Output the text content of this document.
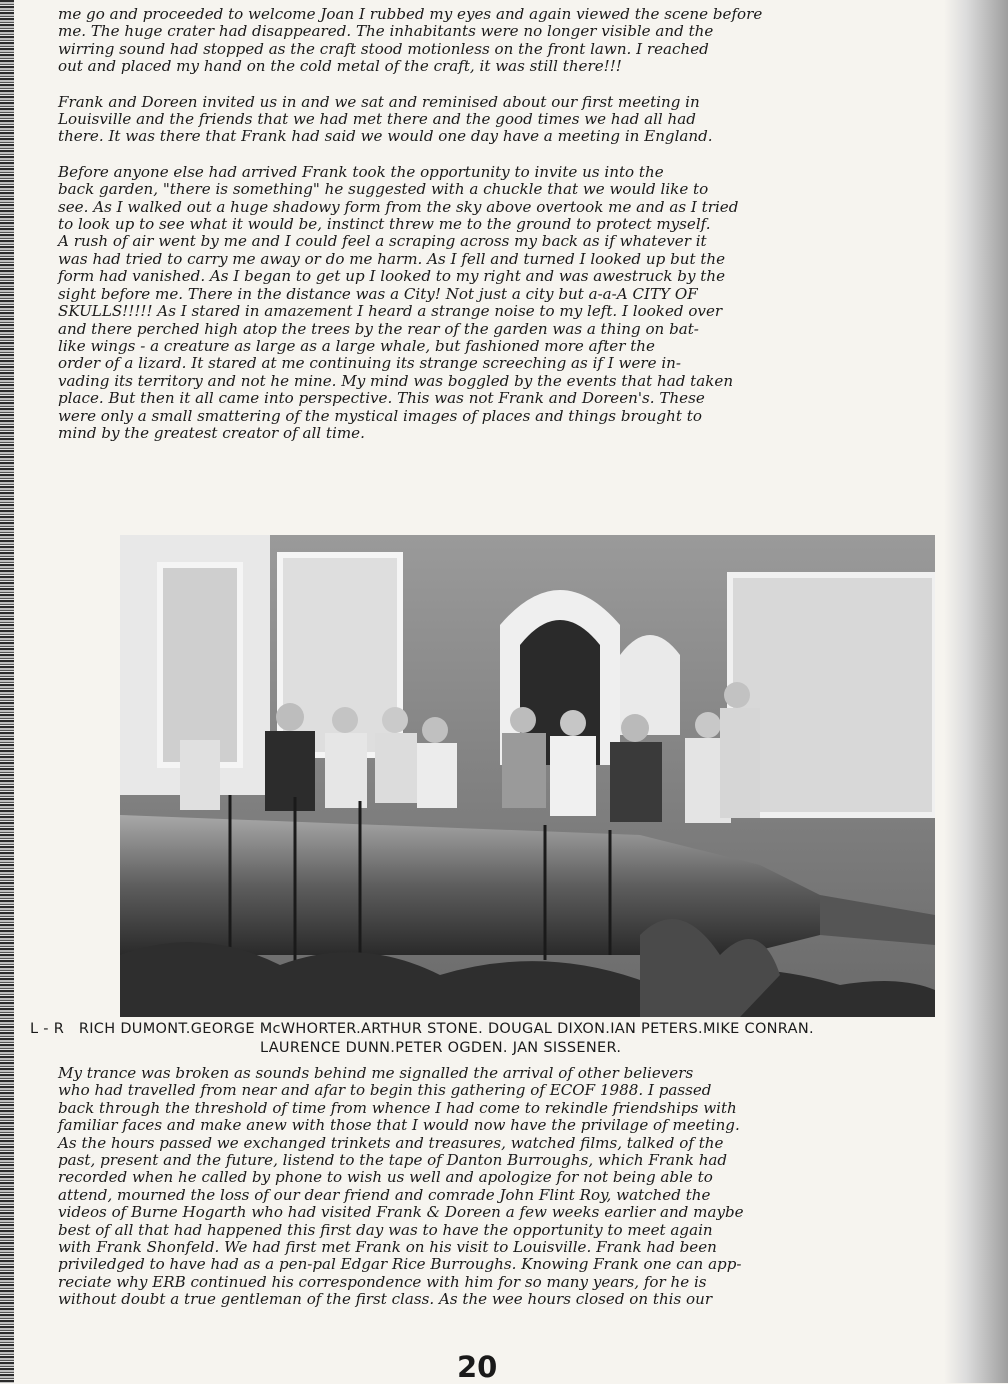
me go and proceeded to welcome Joan I rubbed my eyes and again viewed the scene before
me. The huge crater had disappeared. The inhabitants were no longer visible and the
wirring sound had stopped as the craft stood motionless on the front lawn. I reached
out and placed my hand on the cold metal of the craft, it was still there!!!

Frank and Doreen invited us in and we sat and reminised about our first meeting in
Louisville and the friends that we had met there and the good times we had all had
there. It was there that Frank had said we would one day have a meeting in England.

Before anyone else had arrived Frank took the opportunity to invite us into the
back garden, "there is something" he suggested with a chuckle that we would like to
see. As I walked out a huge shadowy form from the sky above overtook me and as I tried
to look up to see what it would be, instinct threw me to the ground to protect myself.
A rush of air went by me and I could feel a scraping across my back as if whatever it
was had tried to carry me away or do me harm. As I fell and turned I looked up but the
form had vanished. As I began to get up I looked to my right and was awestruck by the
sight before me. There in the distance was a City! Not just a city but a-a-A CITY OF
SKULLS!!!!! As I stared in amazement I heard a strange noise to my left. I looked over
and there perched high atop the trees by the rear of the garden was a thing on bat-
like wings - a creature as large as a large whale, but fashioned more after the
order of a lizard. It stared at me continuing its strange screeching as if I were in-
vading its territory and not he mine. My mind was boggled by the events that had taken
place. But then it all came into perspective. This was not Frank and Doreen's. These
were only a small smattering of the mystical images of places and things brought to
mind by the greatest creator of all time.

L - R   RICH DUMONT.GEORGE McWHORTER.ARTHUR STONE. DOUGAL DIXON.IAN PETERS.MIKE CONRAN.
LAURENCE DUNN.PETER OGDEN. JAN SISSENER.

My trance was broken as sounds behind me signalled the arrival of other believers
who had travelled from near and afar to begin this gathering of ECOF 1988. I passed
back through the threshold of time from whence I had come to rekindle friendships with
familiar faces and make anew with those that I would now have the privilage of meeting.
As the hours passed we exchanged trinkets and treasures, watched films, talked of the
past, present and the future, listend to the tape of Danton Burroughs, which Frank had
recorded when he called by phone to wish us well and apologize for not being able to
attend, mourned the loss of our dear friend and comrade John Flint Roy, watched the
videos of Burne Hogarth who had visited Frank & Doreen a few weeks earlier and maybe
best of all that had happened this first day was to have the opportunity to meet again
with Frank Shonfeld. We had first met Frank on his visit to Louisville. Frank had been
priviledged to have had as a pen-pal Edgar Rice Burroughs. Knowing Frank one can app-
reciate why ERB continued his correspondence with him for so many years, for he is
without doubt a true gentleman of the first class. As the wee hours closed on this our

20
